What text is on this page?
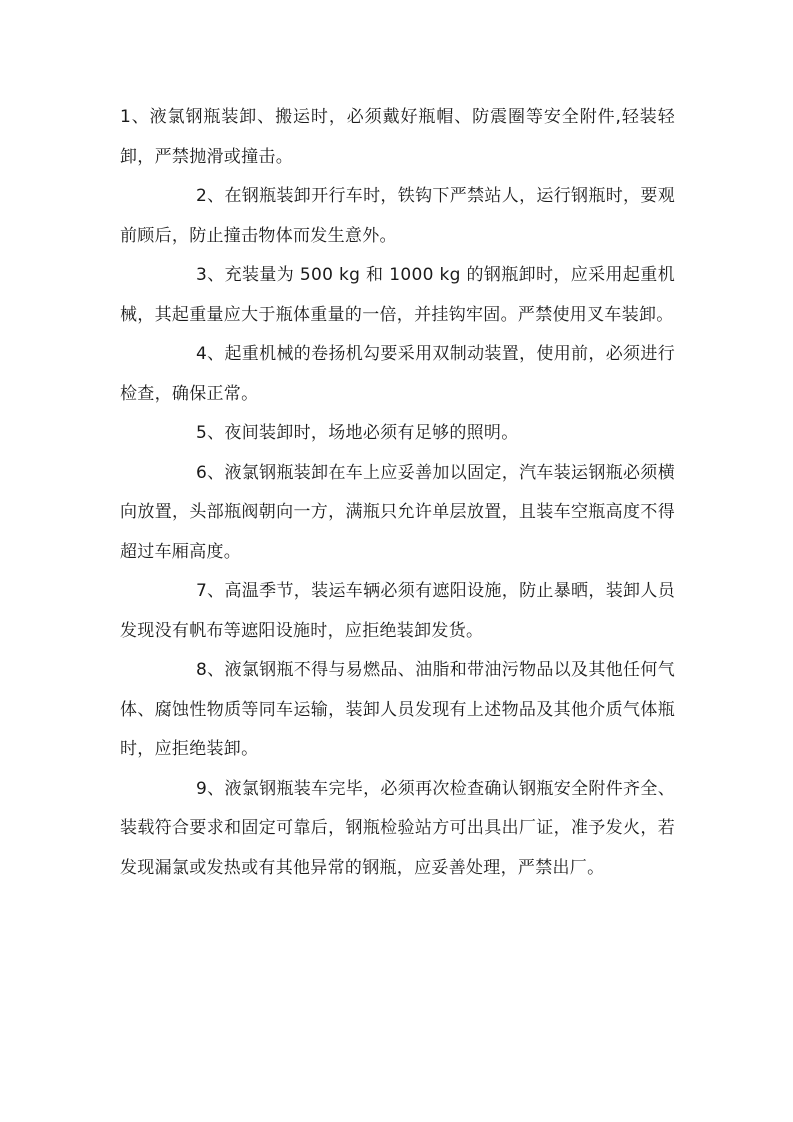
1、液氯钢瓶装卸、搬运时，必须戴好瓶帽、防震圈等安全附件,轻装轻卸，严禁抛滑或撞击。

2、在钢瓶装卸开行车时，铁钩下严禁站人，运行钢瓶时，要观前顾后，防止撞击物体而发生意外。

3、充装量为 500 kg 和 1000 kg 的钢瓶卸时，应采用起重机械，其起重量应大于瓶体重量的一倍，并挂钩牢固。严禁使用叉车装卸。

4、起重机械的卷扬机勾要采用双制动装置，使用前，必须进行检查，确保正常。

5、夜间装卸时，场地必须有足够的照明。

6、液氯钢瓶装卸在车上应妥善加以固定，汽车装运钢瓶必须横向放置，头部瓶阀朝向一方，满瓶只允许单层放置，且装车空瓶高度不得超过车厢高度。

7、高温季节，装运车辆必须有遮阳设施，防止暴晒，装卸人员发现没有帆布等遮阳设施时，应拒绝装卸发货。

8、液氯钢瓶不得与易燃品、油脂和带油污物品以及其他任何气体、腐蚀性物质等同车运输，装卸人员发现有上述物品及其他介质气体瓶时，应拒绝装卸。

9、液氯钢瓶装车完毕，必须再次检查确认钢瓶安全附件齐全、装载符合要求和固定可靠后，钢瓶检验站方可出具出厂证，准予发火，若发现漏氯或发热或有其他异常的钢瓶，应妥善处理，严禁出厂。
